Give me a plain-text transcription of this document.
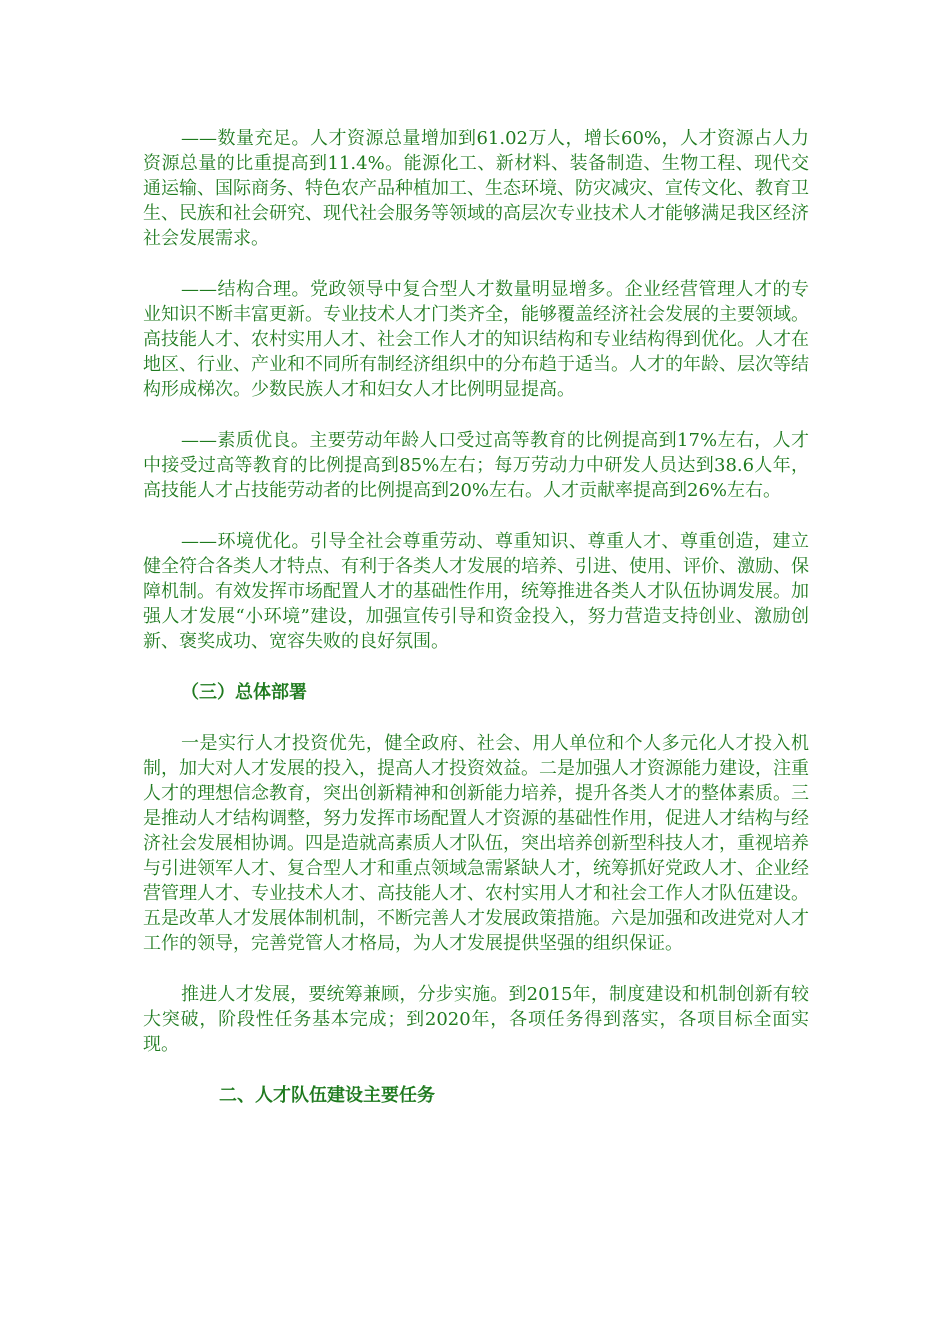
——数量充足。人才资源总量增加到61.02万人，增长60%，人才资源占人力资源总量的比重提高到11.4%。能源化工、新材料、装备制造、生物工程、现代交通运输、国际商务、特色农产品种植加工、生态环境、防灾减灾、宣传文化、教育卫生、民族和社会研究、现代社会服务等领域的高层次专业技术人才能够满足我区经济社会发展需求。

——结构合理。党政领导中复合型人才数量明显增多。企业经营管理人才的专业知识不断丰富更新。专业技术人才门类齐全，能够覆盖经济社会发展的主要领域。高技能人才、农村实用人才、社会工作人才的知识结构和专业结构得到优化。人才在地区、行业、产业和不同所有制经济组织中的分布趋于适当。人才的年龄、层次等结构形成梯次。少数民族人才和妇女人才比例明显提高。

——素质优良。主要劳动年龄人口受过高等教育的比例提高到17%左右，人才中接受过高等教育的比例提高到85%左右；每万劳动力中研发人员达到38.6人年，高技能人才占技能劳动者的比例提高到20%左右。人才贡献率提高到26%左右。

——环境优化。引导全社会尊重劳动、尊重知识、尊重人才、尊重创造，建立健全符合各类人才特点、有利于各类人才发展的培养、引进、使用、评价、激励、保障机制。有效发挥市场配置人才的基础性作用，统筹推进各类人才队伍协调发展。加强人才发展“小环境”建设，加强宣传引导和资金投入，努力营造支持创业、激励创新、褒奖成功、宽容失败的良好氛围。

（三）总体部署

一是实行人才投资优先，健全政府、社会、用人单位和个人多元化人才投入机制，加大对人才发展的投入，提高人才投资效益。二是加强人才资源能力建设，注重人才的理想信念教育，突出创新精神和创新能力培养，提升各类人才的整体素质。三是推动人才结构调整，努力发挥市场配置人才资源的基础性作用，促进人才结构与经济社会发展相协调。四是造就高素质人才队伍，突出培养创新型科技人才，重视培养与引进领军人才、复合型人才和重点领域急需紧缺人才，统筹抓好党政人才、企业经营管理人才、专业技术人才、高技能人才、农村实用人才和社会工作人才队伍建设。五是改革人才发展体制机制，不断完善人才发展政策措施。六是加强和改进党对人才工作的领导，完善党管人才格局，为人才发展提供坚强的组织保证。

推进人才发展，要统筹兼顾，分步实施。到2015年，制度建设和机制创新有较大突破，阶段性任务基本完成；到2020年，各项任务得到落实，各项目标全面实现。

二、人才队伍建设主要任务
